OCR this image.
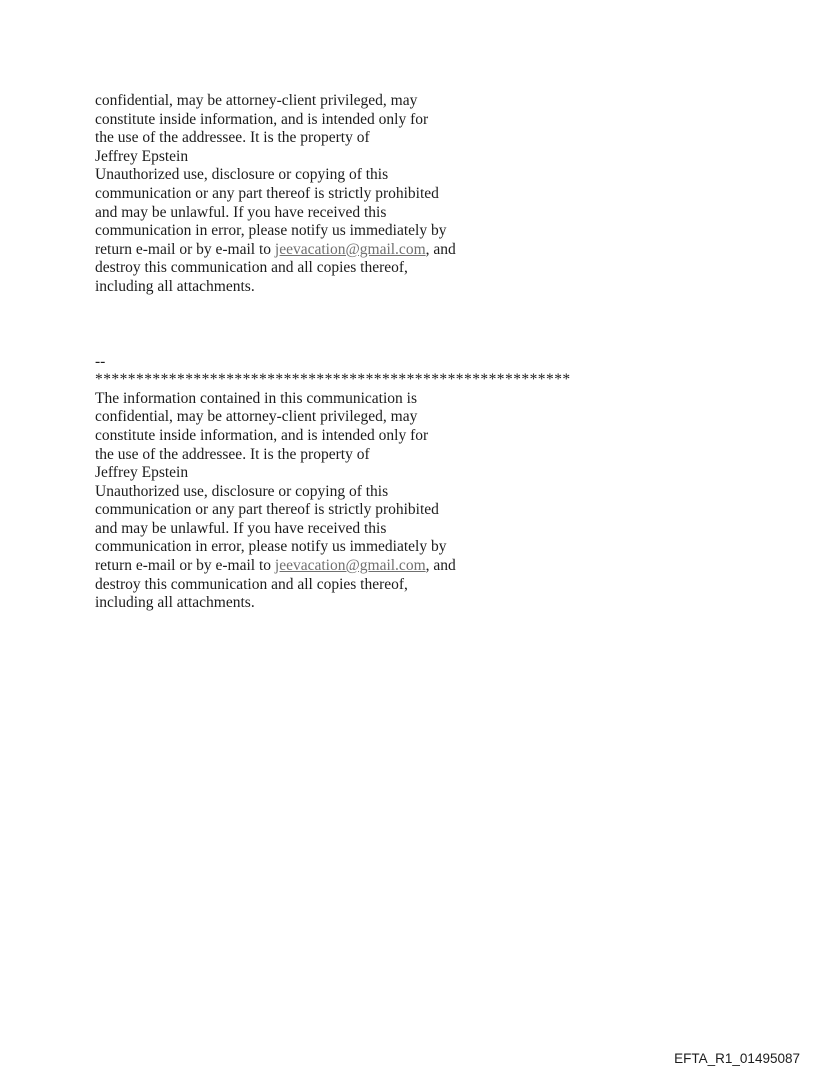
confidential, may be attorney-client privileged, may
constitute inside information, and is intended only for
the use of the addressee. It is the property of
Jeffrey Epstein
Unauthorized use, disclosure or copying of this
communication or any part thereof is strictly prohibited
and may be unlawful. If you have received this
communication in error, please notify us immediately by
return e-mail or by e-mail to jeevacation@gmail.com, and
destroy this communication and all copies thereof,
including all attachments.
--
**********************************************************
The information contained in this communication is
confidential, may be attorney-client privileged, may
constitute inside information, and is intended only for
the use of the addressee. It is the property of
Jeffrey Epstein
Unauthorized use, disclosure or copying of this
communication or any part thereof is strictly prohibited
and may be unlawful. If you have received this
communication in error, please notify us immediately by
return e-mail or by e-mail to jeevacation@gmail.com, and
destroy this communication and all copies thereof,
including all attachments.
EFTA_R1_01495087
